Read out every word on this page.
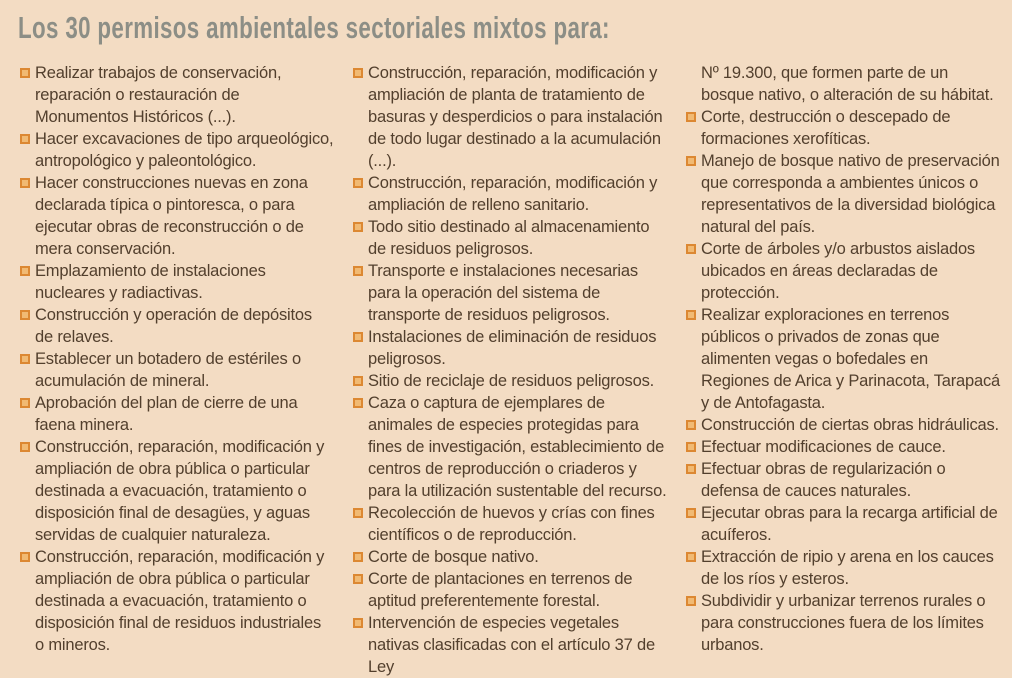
Los 30 permisos ambientales sectoriales mixtos para:
Realizar trabajos de conservación, reparación o restauración de Monumentos Históricos (...).
Hacer excavaciones de tipo arqueológico, antropológico y paleontológico.
Hacer construcciones nuevas en zona declarada típica o pintoresca, o para ejecutar obras de reconstrucción o de mera conservación.
Emplazamiento de instalaciones nucleares y radiactivas.
Construcción y operación de depósitos de relaves.
Establecer un botadero de estériles o acumulación de mineral.
Aprobación del plan de cierre de una faena minera.
Construcción, reparación, modificación y ampliación de obra pública o particular destinada a evacuación, tratamiento o disposición final de desagües, y aguas servidas de cualquier naturaleza.
Construcción, reparación, modificación y ampliación de obra pública o particular destinada a evacuación, tratamiento o disposición final de residuos industriales o mineros.
Construcción, reparación, modificación y ampliación de planta de tratamiento de basuras y desperdicios o para instalación de todo lugar destinado a la acumulación (...).
Construcción, reparación, modificación y ampliación de relleno sanitario.
Todo sitio destinado al almacenamiento de residuos peligrosos.
Transporte e instalaciones necesarias para la operación del sistema de transporte de residuos peligrosos.
Instalaciones de eliminación de residuos peligrosos.
Sitio de reciclaje de residuos peligrosos.
Caza o captura de ejemplares de animales de especies protegidas para fines de investigación, establecimiento de centros de reproducción o criaderos y para la utilización sustentable del recurso.
Recolección de huevos y crías con fines científicos o de reproducción.
Corte de bosque nativo.
Corte de plantaciones en terrenos de aptitud preferentemente forestal.
Intervención de especies vegetales nativas clasificadas con el artículo 37 de Ley
Nº 19.300, que formen parte de un bosque nativo, o alteración de su hábitat.
Corte, destrucción o descepado de formaciones xerofíticas.
Manejo de bosque nativo de preservación que corresponda a ambientes únicos o representativos de la diversidad biológica natural del país.
Corte de árboles y/o arbustos aislados ubicados en áreas declaradas de protección.
Realizar exploraciones en terrenos públicos o privados de zonas que alimenten vegas o bofedales en Regiones de Arica y Parinacota, Tarapacá y de Antofagasta.
Construcción de ciertas obras hidráulicas.
Efectuar modificaciones de cauce.
Efectuar obras de regularización o defensa de cauces naturales.
Ejecutar obras para la recarga artificial de acuíferos.
Extracción de ripio y arena en los cauces de los ríos y esteros.
Subdividir y urbanizar terrenos rurales o para construcciones fuera de los límites urbanos.
